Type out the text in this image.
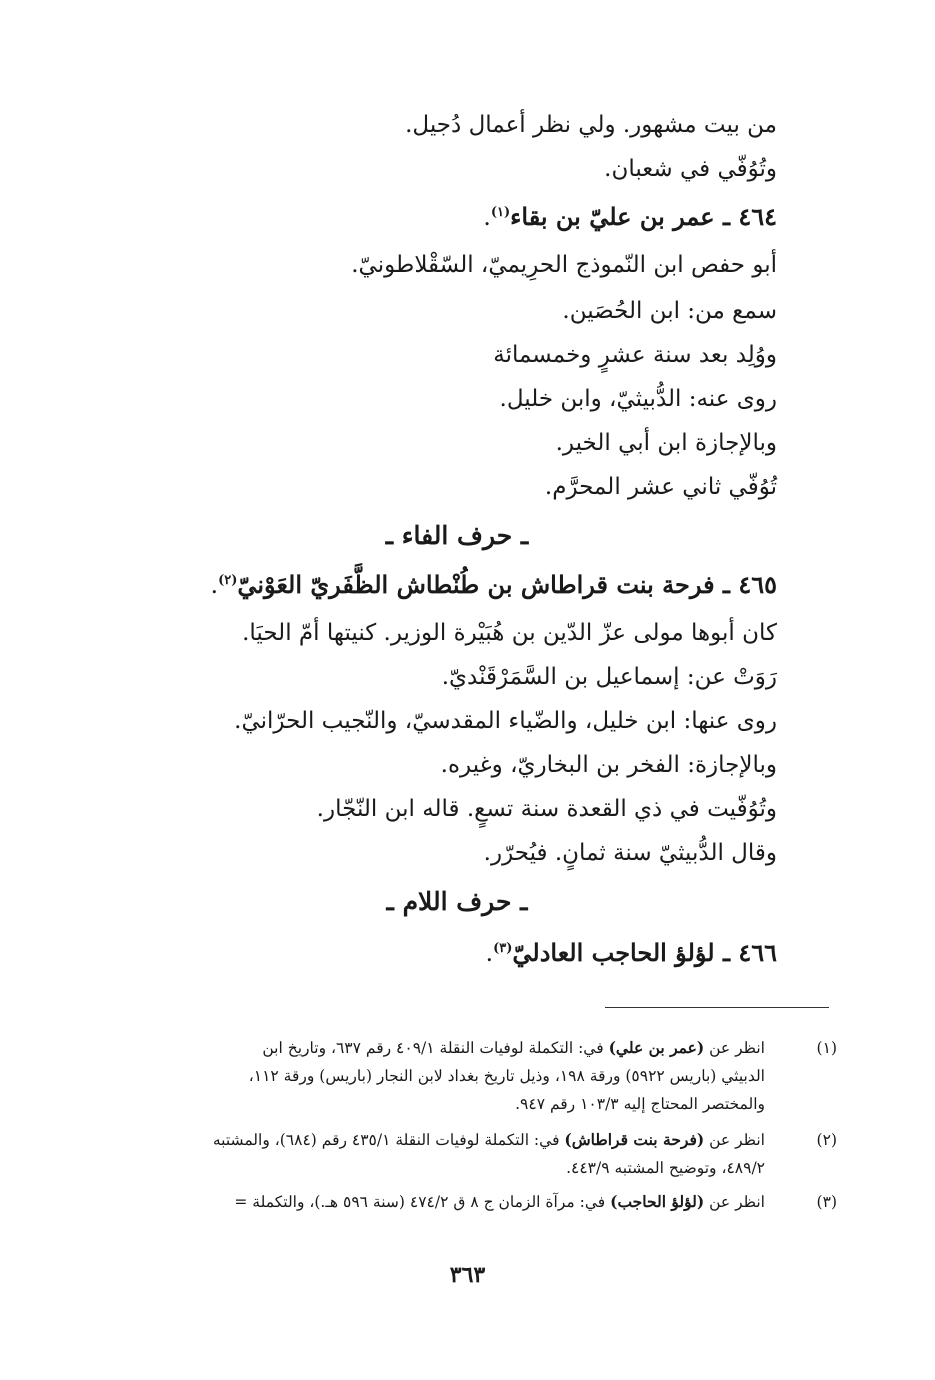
من بيت مشهور. ولي نظر أعمال دُجيل.
وتُوُفّي في شعبان.
٤٦٤ ـ عمر بن عليّ بن بقاء$^{(١)}$.
أبو حفص ابن النّموذج الحرِيميّ، السّقْلاطونيّ.
سمع من: ابن الحُصَين.
ووُلِد بعد سنة عشرٍ وخمسمائة
روى عنه: الدُّبيثيّ، وابن خليل.
وبالإجازة ابن أبي الخير.
تُوُفّي ثاني عشر المحرَّم.
ـ حرف الفاء ـ
٤٦٥ ـ فرحة بنت قراطاش بن طُنْطاش الظَّفَريّ العَوْنيّ$^{(٢)}$.
كان أبوها مولى عزّ الدّين بن هُبَيْرة الوزير. كنيتها أمّ الحيَا.
رَوَتْ عن: إسماعيل بن السَّمَرْقَنْديّ.
روى عنها: ابن خليل، والضّياء المقدسيّ، والنّجيب الحرّانيّ.
وبالإجازة: الفخر بن البخاريّ، وغيره.
وتُوُفّيت في ذي القعدة سنة تسعٍ. قاله ابن النّجّار.
وقال الدُّبيثيّ سنة ثمانٍ. فيُحرّر.
ـ حرف اللام ـ
٤٦٦ ـ لؤلؤ الحاجب العادليّ$^{(٣)}$.
(١)
انظر عن (عمر بن علي) في: التكملة لوفيات النقلة ٤٠٩/١ رقم ٦٣٧، وتاريخ ابن
الدبيثي (باريس ٥٩٢٢) ورقة ١٩٨، وذيل تاريخ بغداد لابن النجار (باريس) ورقة ١١٢،
والمختصر المحتاج إليه ١٠٣/٣ رقم ٩٤٧.
(٢)
انظر عن (فرحة بنت قراطاش) في: التكملة لوفيات النقلة ٤٣٥/١ رقم (٦٨٤)، والمشتبه
٤٨٩/٢، وتوضيح المشتبه ٤٤٣/٩.
(٣)
انظر عن (لؤلؤ الحاجب) في: مرآة الزمان ج ٨ ق ٤٧٤/٢ (سنة ٥٩٦ هـ.)، والتكملة =
٣٦٣
